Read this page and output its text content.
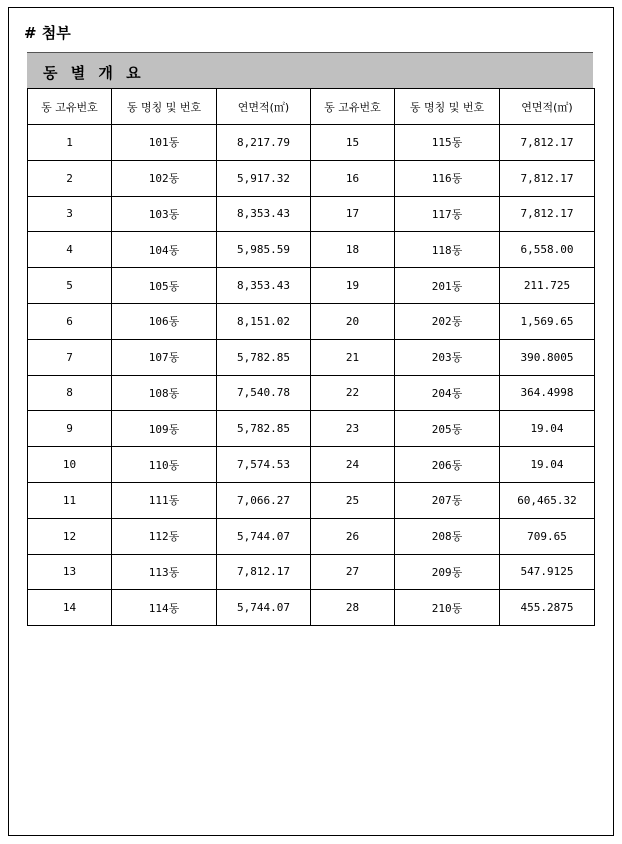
# 첨부
동 별 개 요
동 고유번호	동 명칭 및 번호	연면적(㎡)	동 고유번호	동 명칭 및 번호	연면적(㎡)
1	101동	8,217.79	15	115동	7,812.17
2	102동	5,917.32	16	116동	7,812.17
3	103동	8,353.43	17	117동	7,812.17
4	104동	5,985.59	18	118동	6,558.00
5	105동	8,353.43	19	201동	211.725
6	106동	8,151.02	20	202동	1,569.65
7	107동	5,782.85	21	203동	390.8005
8	108동	7,540.78	22	204동	364.4998
9	109동	5,782.85	23	205동	19.04
10	110동	7,574.53	24	206동	19.04
11	111동	7,066.27	25	207동	60,465.32
12	112동	5,744.07	26	208동	709.65
13	113동	7,812.17	27	209동	547.9125
14	114동	5,744.07	28	210동	455.2875
